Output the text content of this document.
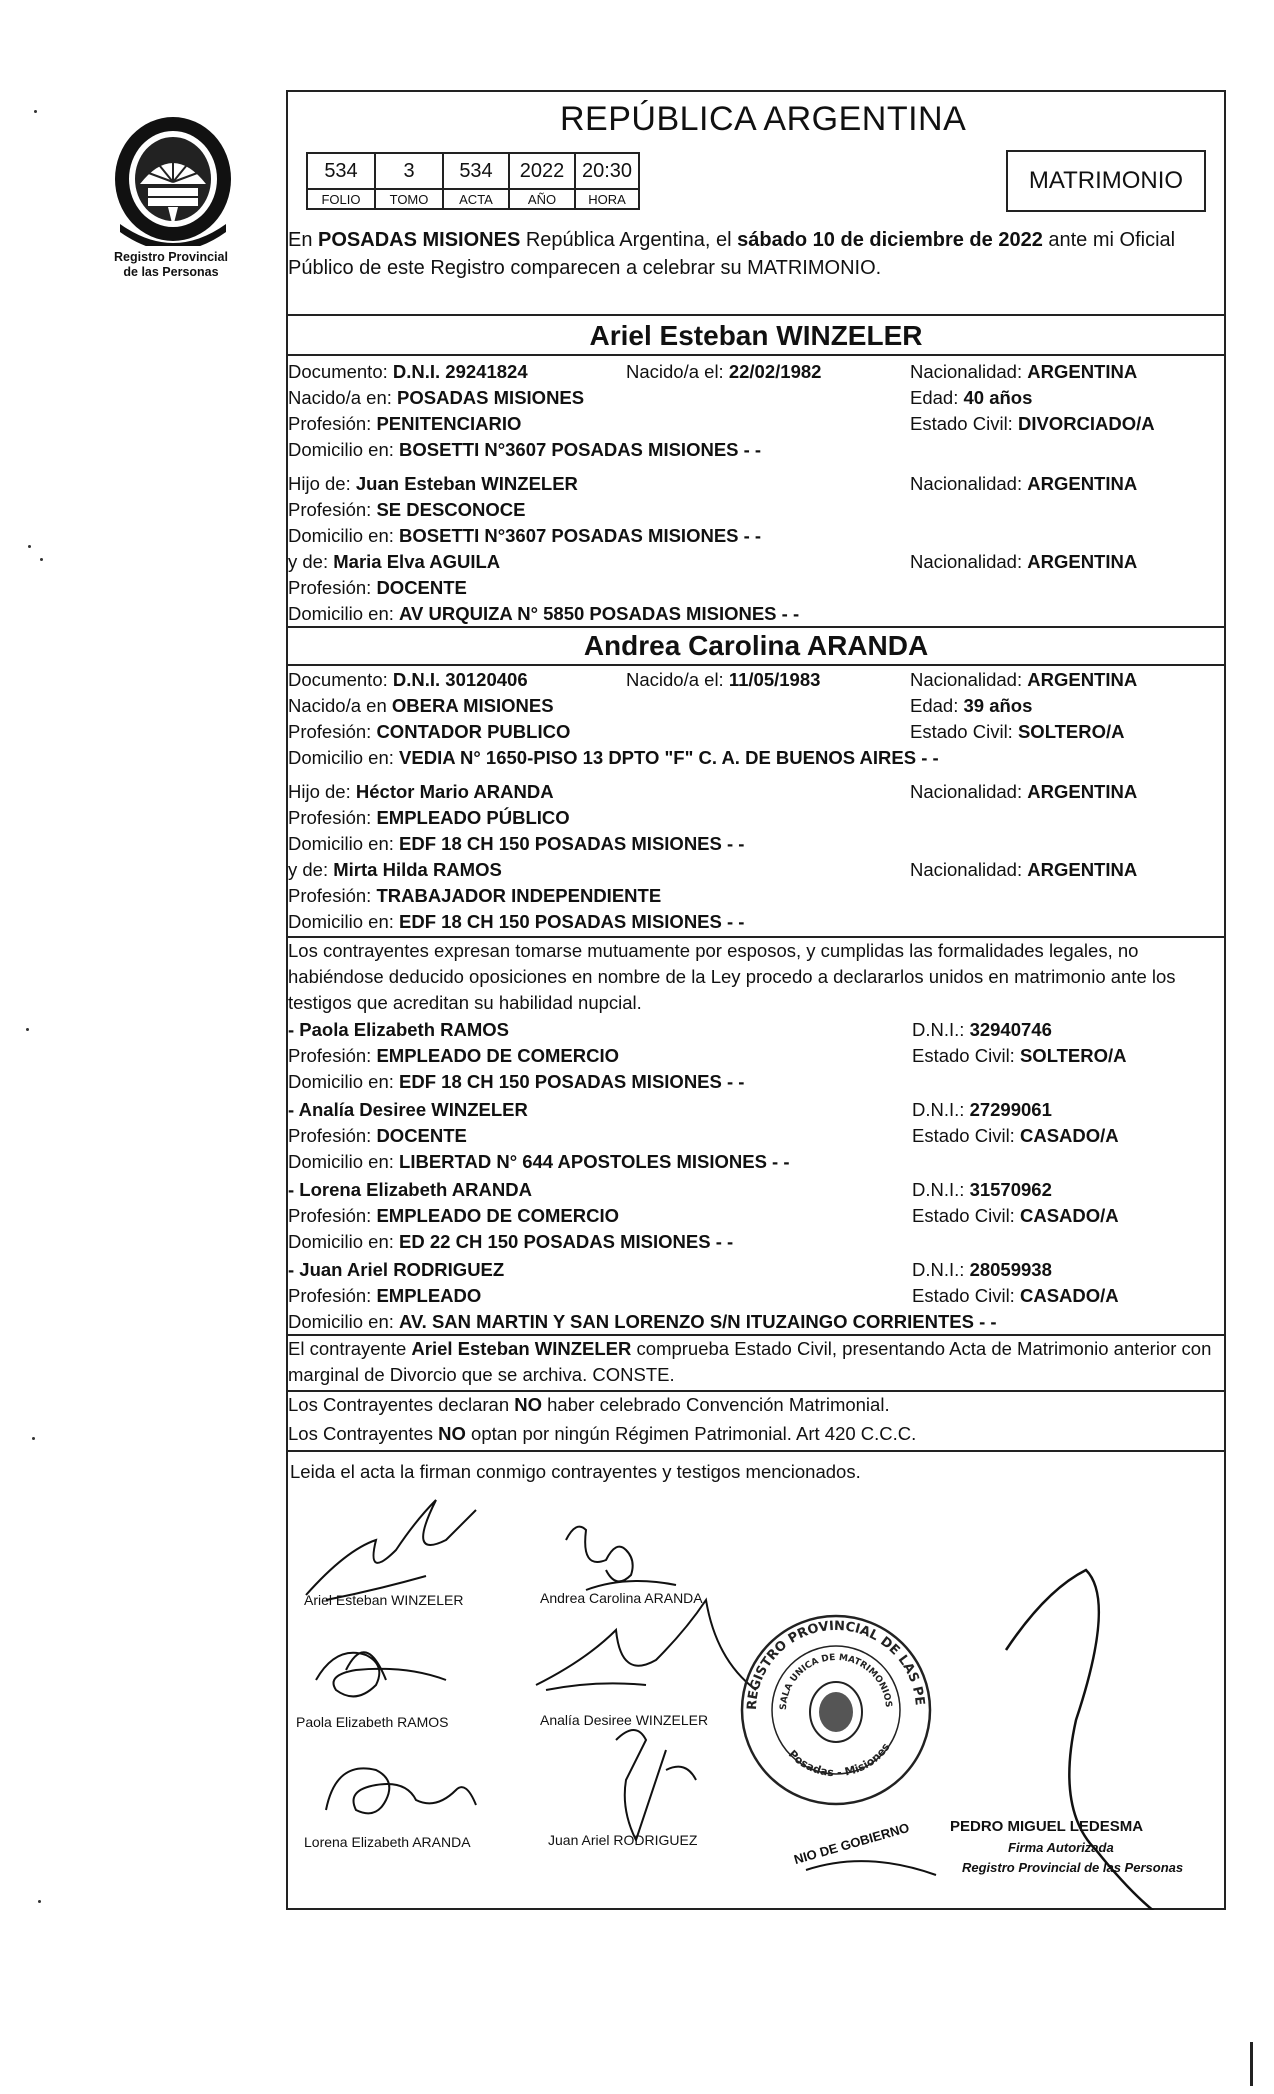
Registro Provincial
de las Personas
REPÚBLICA ARGENTINA
534	3	534	2022	20:30
FOLIO	TOMO	ACTA	AÑO	HORA
MATRIMONIO
En POSADAS MISIONES República Argentina, el sábado 10 de diciembre de 2022 ante mi Oficial Público de este Registro comparecen a celebrar su MATRIMONIO.
Ariel Esteban WINZELER
Documento: D.N.I. 29241824	Nacido/a el: 22/02/1982	Nacionalidad: ARGENTINA
Nacido/a en: POSADAS MISIONES	Edad: 40 años
Profesión: PENITENCIARIO	Estado Civil: DIVORCIADO/A
Domicilio en: BOSETTI N°3607 POSADAS MISIONES - -
Hijo de: Juan Esteban WINZELER	Nacionalidad: ARGENTINA
Profesión: SE DESCONOCE
Domicilio en: BOSETTI N°3607 POSADAS MISIONES - -
y de: Maria Elva AGUILA	Nacionalidad: ARGENTINA
Profesión: DOCENTE
Domicilio en: AV URQUIZA N° 5850 POSADAS MISIONES - -
Andrea Carolina ARANDA
Documento: D.N.I. 30120406	Nacido/a el: 11/05/1983	Nacionalidad: ARGENTINA
Nacido/a en OBERA MISIONES	Edad: 39 años
Profesión: CONTADOR PUBLICO	Estado Civil: SOLTERO/A
Domicilio en: VEDIA N° 1650-PISO 13 DPTO "F" C. A. DE BUENOS AIRES - -
Hijo de: Héctor Mario ARANDA	Nacionalidad: ARGENTINA
Profesión: EMPLEADO PÚBLICO
Domicilio en: EDF 18 CH 150 POSADAS MISIONES - -
y de: Mirta Hilda RAMOS	Nacionalidad: ARGENTINA
Profesión: TRABAJADOR INDEPENDIENTE
Domicilio en: EDF 18 CH 150 POSADAS MISIONES - -
Los contrayentes expresan tomarse mutuamente por esposos, y cumplidas las formalidades legales, no habiéndose deducido oposiciones en nombre de la Ley procedo a declararlos unidos en matrimonio ante los testigos que acreditan su habilidad nupcial.
- Paola Elizabeth RAMOS	D.N.I.: 32940746
Profesión: EMPLEADO DE COMERCIO	Estado Civil: SOLTERO/A
Domicilio en: EDF 18 CH 150 POSADAS MISIONES - -
- Analía Desiree WINZELER	D.N.I.: 27299061
Profesión: DOCENTE	Estado Civil: CASADO/A
Domicilio en: LIBERTAD N° 644 APOSTOLES MISIONES - -
- Lorena Elizabeth ARANDA	D.N.I.: 31570962
Profesión: EMPLEADO DE COMERCIO	Estado Civil: CASADO/A
Domicilio en: ED 22 CH 150 POSADAS MISIONES - -
- Juan Ariel RODRIGUEZ	D.N.I.: 28059938
Profesión: EMPLEADO	Estado Civil: CASADO/A
Domicilio en: AV. SAN MARTIN Y SAN LORENZO S/N ITUZAINGO CORRIENTES - -
El contrayente Ariel Esteban WINZELER comprueba Estado Civil, presentando Acta de Matrimonio anterior con marginal de Divorcio que se archiva. CONSTE.
Los Contrayentes declaran NO haber celebrado Convención Matrimonial.
Los Contrayentes NO optan por ningún Régimen Patrimonial. Art 420 C.C.C.
Leida el acta la firman conmigo contrayentes y testigos mencionados.
Ariel Esteban WINZELER	Andrea Carolina ARANDA
Paola Elizabeth RAMOS	Analía Desiree WINZELER
Lorena Elizabeth ARANDA	Juan Ariel RODRIGUEZ
REGISTRO PROVINCIAL DE LAS PE
SALA UNICA DE MATRIMONIOS
Posadas - Misiones
NIO DE GOBIERNO	PEDRO MIGUEL LEDESMA
Firma Autorizada
Registro Provincial de las Personas
